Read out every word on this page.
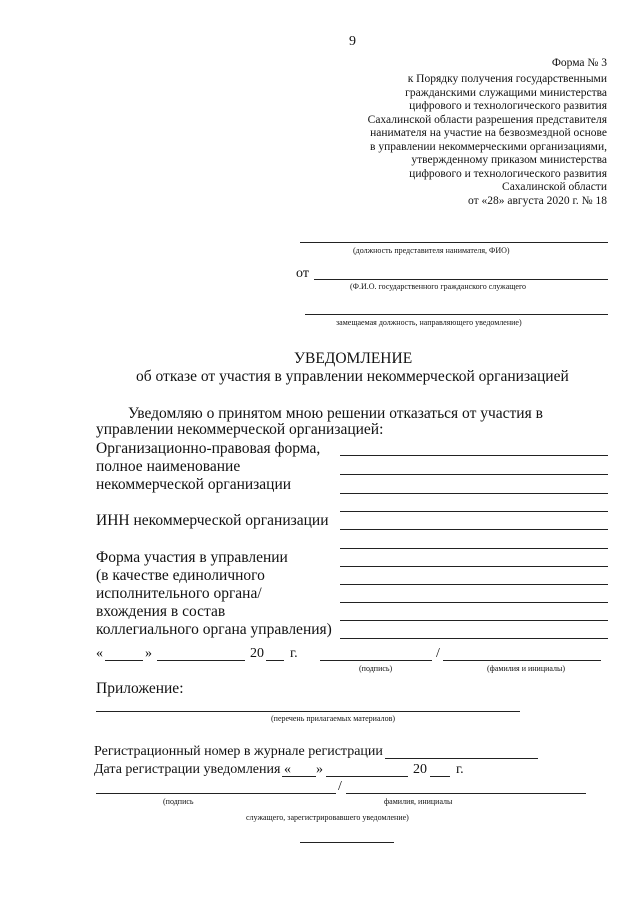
9
Форма № 3
к Порядку получения государственными
гражданскими служащими министерства
цифрового и технологического развития
Сахалинской области разрешения представителя
нанимателя на участие на безвозмездной основе
в управлении некоммерческими организациями,
утвержденному приказом министерства
цифрового и технологического развития
Сахалинской области
от «28» августа 2020 г. № 18
(должность представителя нанимателя, ФИО)
от
(Ф.И.О. государственного гражданского служащего
замещаемая должность, направляющего уведомление)
УВЕДОМЛЕНИЕ
об отказе от участия в управлении некоммерческой организацией
Уведомляю о принятом мною решении отказаться от участия в
управлении некоммерческой организацией:
Организационно-правовая форма,
полное наименование
некоммерческой организации
ИНН некоммерческой организации
Форма участия в управлении
(в качестве единоличного
исполнительного органа/
вхождения в состав
коллегиального органа управления)
«	»	20 г.	/
(подпись)	(фамилия и инициалы)
Приложение:
(перечень прилагаемых материалов)
Регистрационный номер в журнале регистрации
Дата регистрации уведомления « »	20 г.
/
(подпись	фамилия, инициалы
служащего, зарегистрировавшего уведомление)
